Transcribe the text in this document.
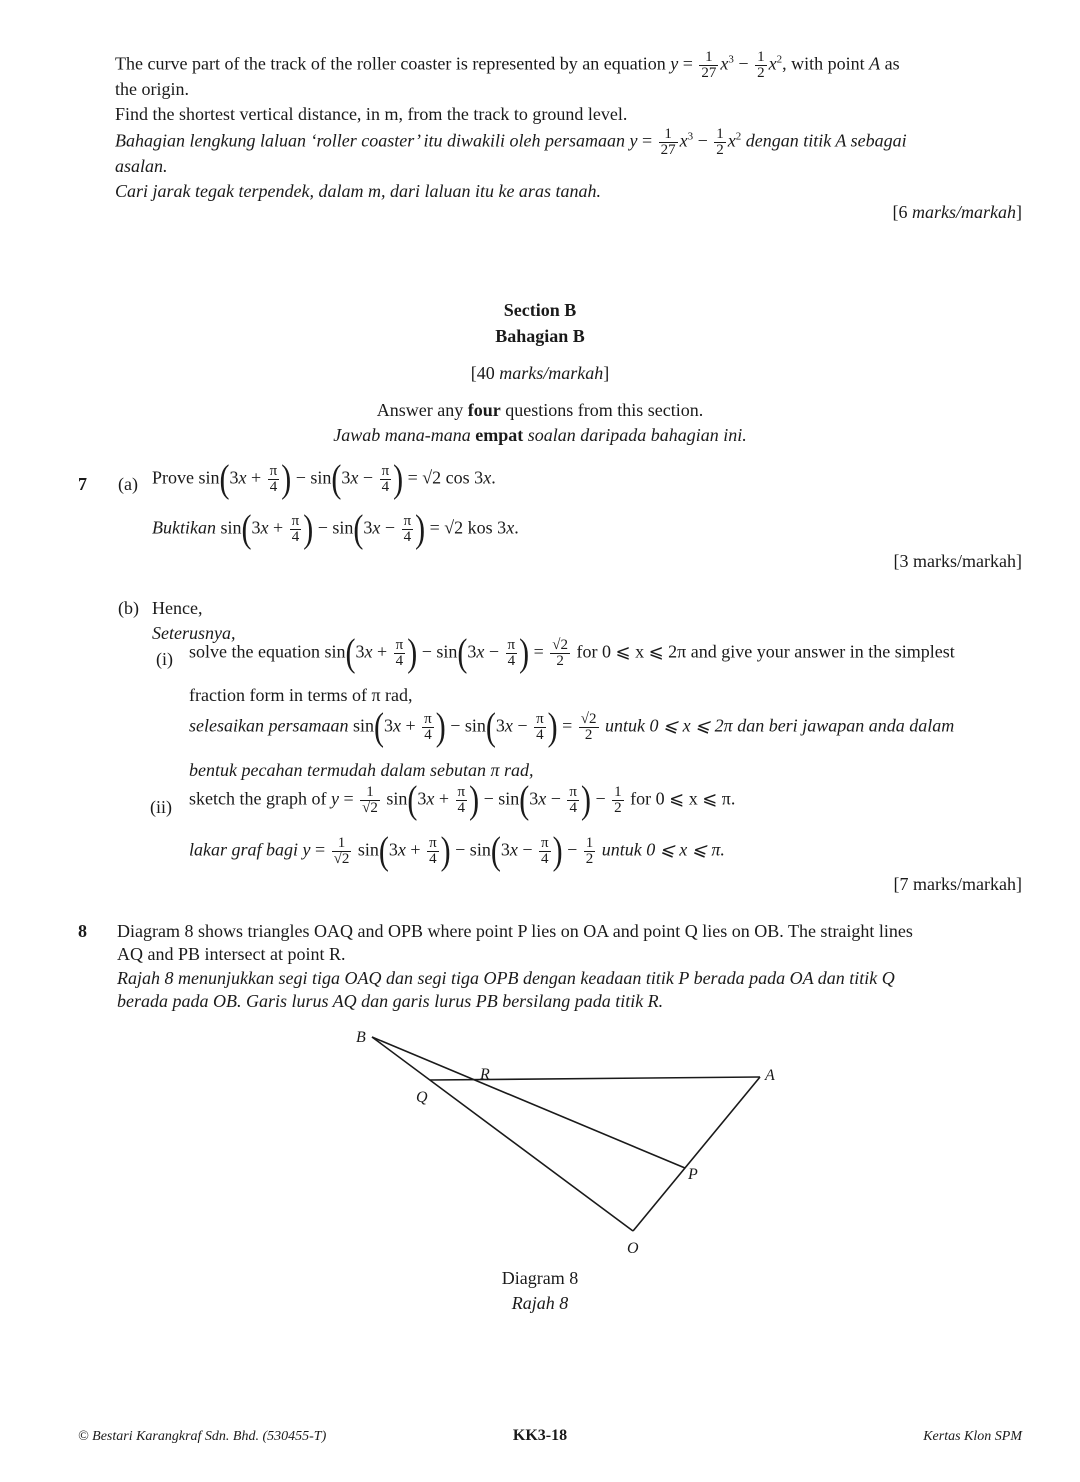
The curve part of the track of the roller coaster is represented by an equation $y = \frac{1}{27} x^3 - \frac{1}{2} x^2$, with point A as
the origin.
Find the shortest vertical distance, in m, from the track to ground level.
Bahagian lengkung laluan ‘roller coaster’ itu diwakili oleh persamaan $y = \frac{1}{27} x^3 - \frac{1}{2} x^2$ dengan titik A sebagai
asalan.
Cari jarak tegak terpendek, dalam m, dari laluan itu ke aras tanah.
[6 marks/markah]
Section B
Bahagian B
[40 marks/markah]
Answer any four questions from this section.
Jawab mana-mana empat soalan daripada bahagian ini.
7 (a) Prove $\sin(3x + \frac{\pi}{4}$ ) − $\sin(3x - \frac{\pi}{4}$ ) = √2 cos 3x.
Buktikan $\sin(3x + \frac{\pi}{4}$ ) − $\sin(3x - \frac{\pi}{4}$ ) = √2 kos 3x.
[3 marks/markah]
(b) Hence,
Seterusnya,
(i) solve the equation $\sin(3x + \frac{\pi}{4}$ ) − $\sin(3x - \frac{\pi}{4}$ ) = $\frac{√2}{2}$ for 0 ⩽ x ⩽ 2π and give your answer in the simplest
fraction form in terms of π rad,
selesaikan persamaan $\sin(3x + \frac{\pi}{4}$ ) − $\sin(3x - \frac{\pi}{4}$ ) = $\frac{√2}{2}$ untuk 0 ⩽ x ⩽ 2π dan beri jawapan anda dalam
bentuk pecahan termudah dalam sebutan π rad,
(ii) sketch the graph of $y = \frac{1}{√2} \sin(3x + \frac{\pi}{4}$ ) − $\sin(3x - \frac{\pi}{4}$ ) − $\frac{1}{2}$ for 0 ⩽ x ⩽ π.
lakar graf bagi $y = \frac{1}{√2} \sin(3x + \frac{\pi}{4}$ ) − $\sin(3x - \frac{\pi}{4}$ ) − $\frac{1}{2}$ untuk 0 ⩽ x ⩽ π.
[7 marks/markah]
8 Diagram 8 shows triangles OAQ and OPB where point P lies on OA and point Q lies on OB. The straight lines
AQ and PB intersect at point R.
Rajah 8 menunjukkan segi tiga OAQ dan segi tiga OPB dengan keadaan titik P berada pada OA dan titik Q
berada pada OB. Garis lurus AQ dan garis lurus PB bersilang pada titik R.
B
R	A
Q
P
O
Diagram 8
Rajah 8
© Bestari Karangkraf Sdn. Bhd. (530455-T)	KK3-18	Kertas Klon SPM
